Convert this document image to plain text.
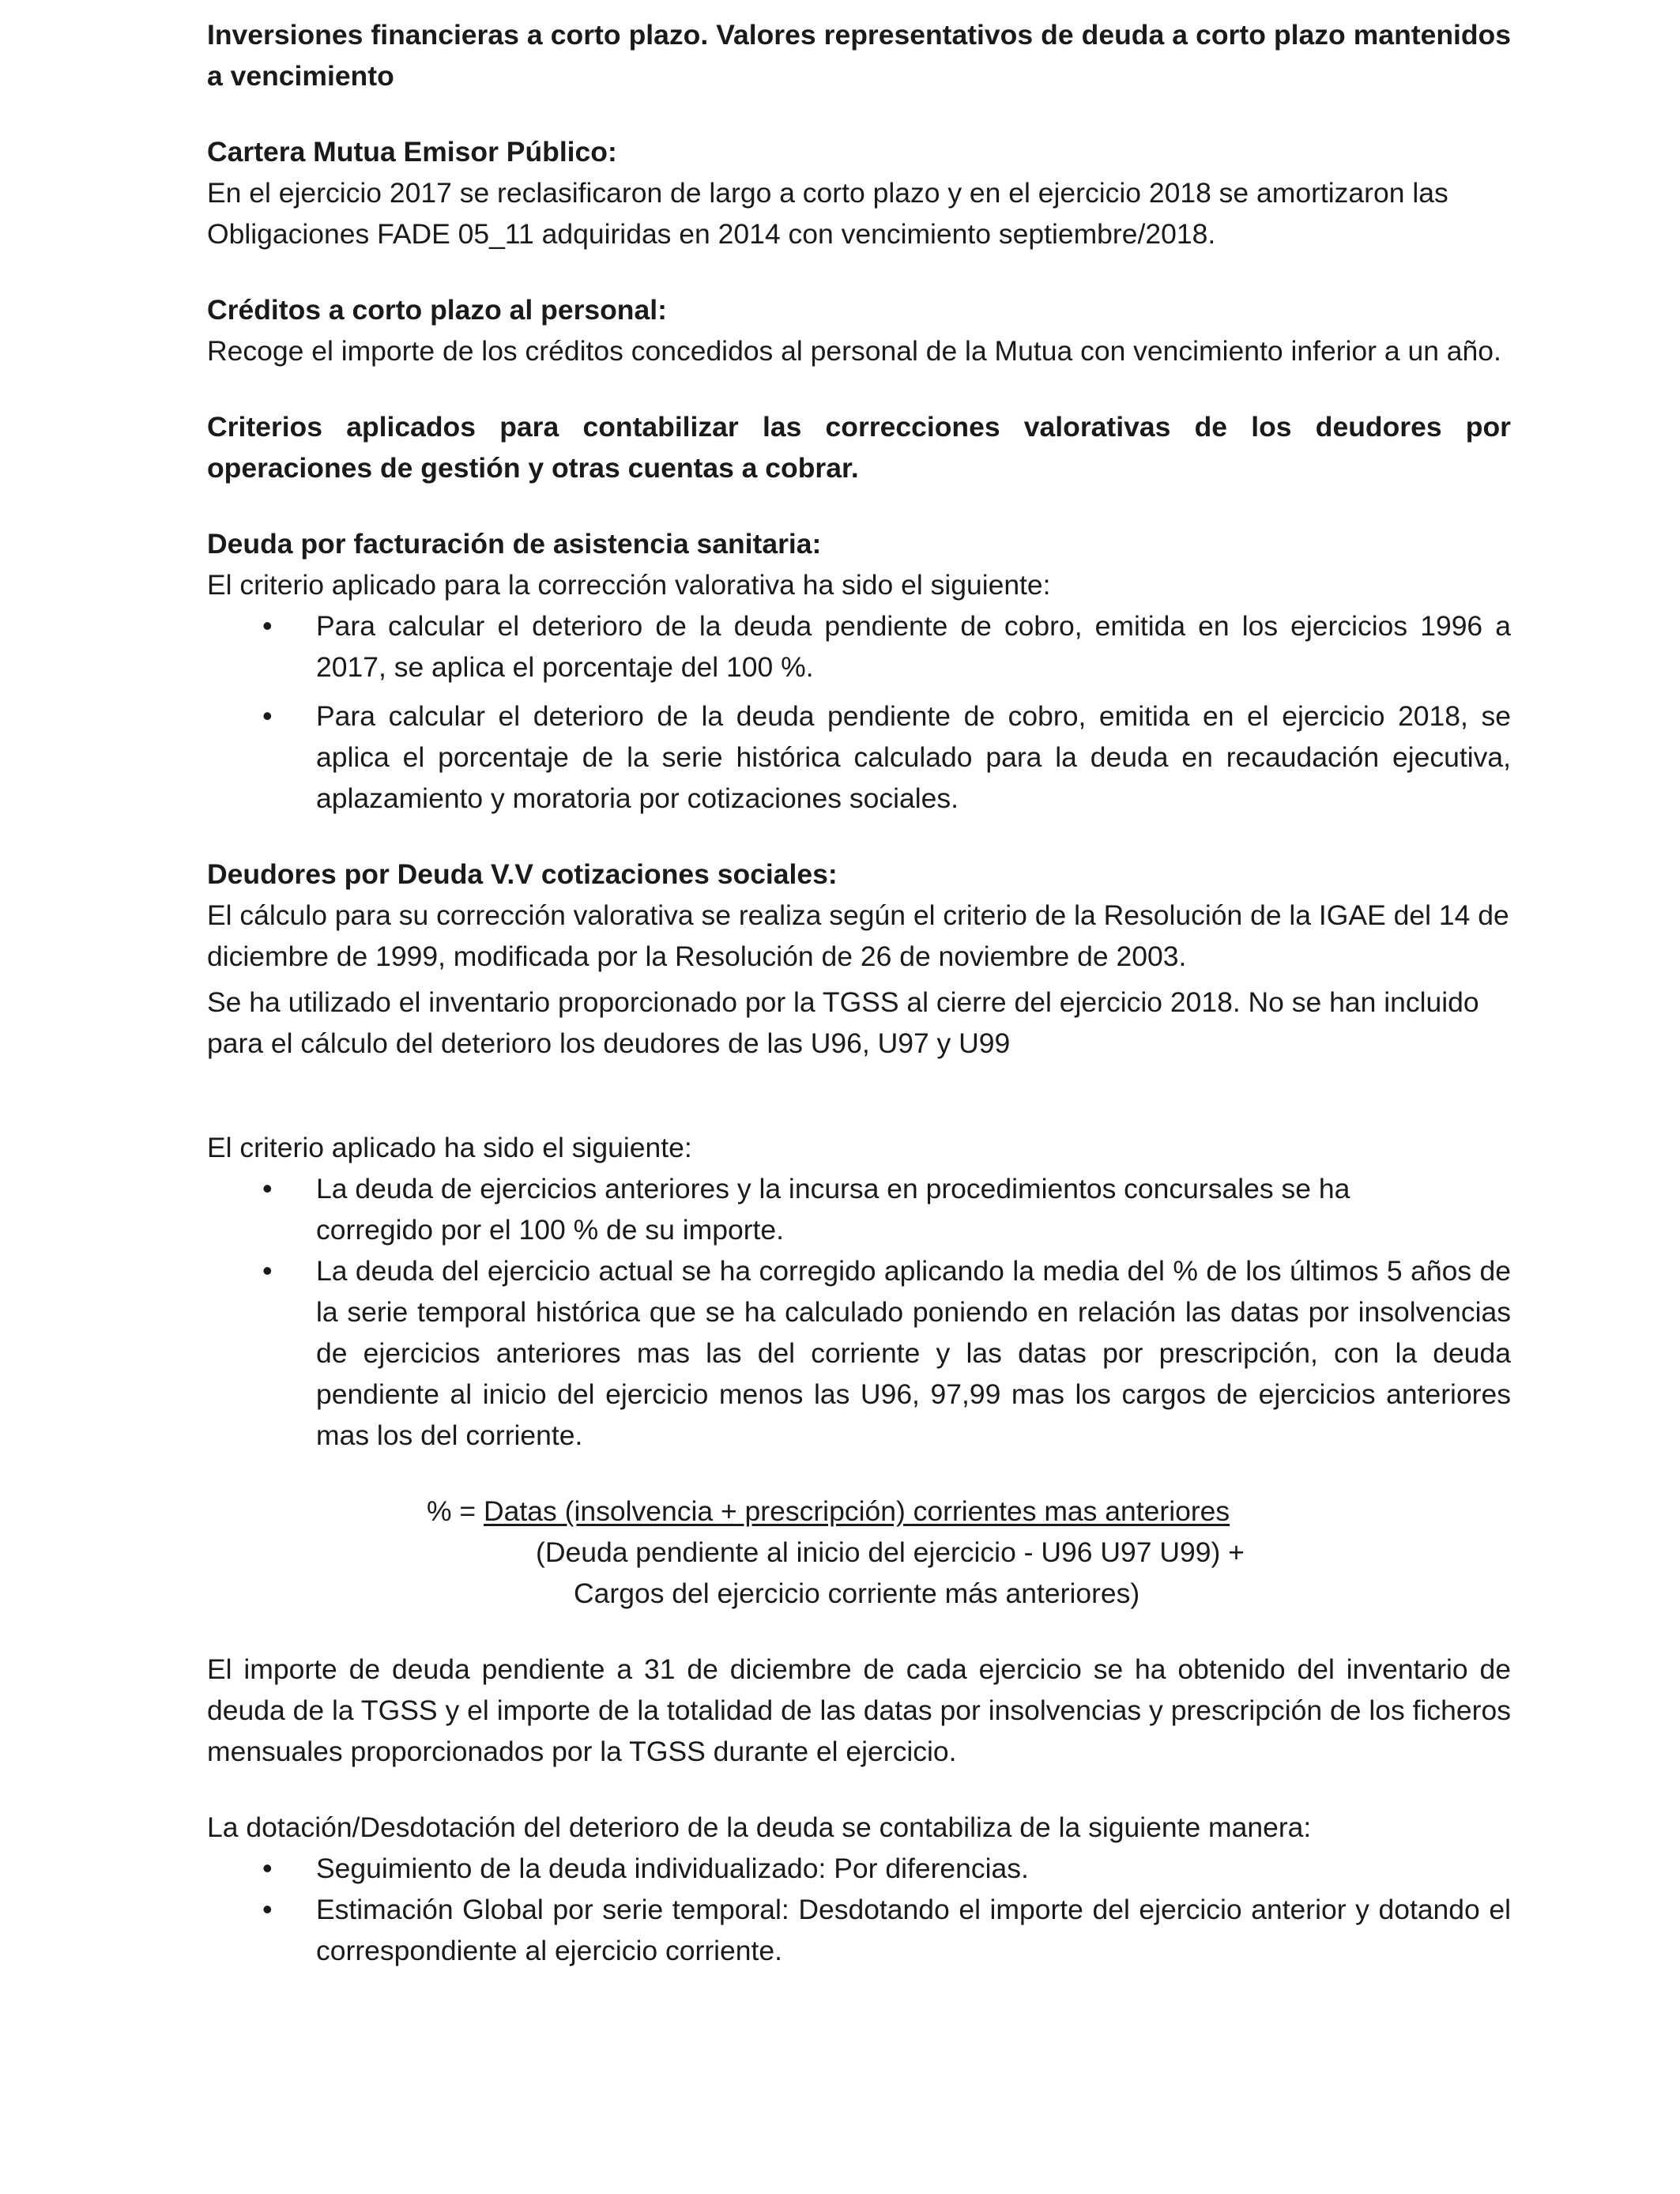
Inversiones financieras a corto plazo. Valores representativos de deuda a corto plazo mantenidos a vencimiento
Cartera Mutua Emisor Público:

En el ejercicio 2017 se reclasificaron de largo a corto plazo y en el ejercicio 2018 se amortizaron las Obligaciones FADE 05_11 adquiridas en 2014 con vencimiento septiembre/2018.

Créditos a corto plazo al personal:

Recoge el importe de los créditos concedidos al personal de la Mutua con vencimiento inferior a un año.

Criterios aplicados para contabilizar las correcciones valorativas de los deudores por operaciones de gestión y otras cuentas a cobrar.
Deuda por facturación de asistencia sanitaria:

El criterio aplicado para la corrección valorativa ha sido el siguiente:

• Para calcular el deterioro de la deuda pendiente de cobro, emitida en los ejercicios 1996 a 2017, se aplica el porcentaje del 100 %.
• Para calcular el deterioro de la deuda pendiente de cobro, emitida en el ejercicio 2018, se aplica el porcentaje de la serie histórica calculado para la deuda en recaudación ejecutiva, aplazamiento y moratoria por cotizaciones sociales.
Deudores por Deuda V.V cotizaciones sociales:

El cálculo para su corrección valorativa se realiza según el criterio de la Resolución de la IGAE del 14 de diciembre de 1999, modificada por la Resolución de 26 de noviembre de 2003.

Se ha utilizado el inventario proporcionado por la TGSS al cierre del ejercicio 2018. No se han incluido para el cálculo del deterioro los deudores de las U96, U97 y U99

El criterio aplicado ha sido el siguiente:

• La deuda de ejercicios anteriores y la incursa en procedimientos concursales se ha corregido por el 100 % de su importe.
• La deuda del ejercicio actual se ha corregido aplicando la media del % de los últimos 5 años de la serie temporal histórica que se ha calculado poniendo en relación las datas por insolvencias de ejercicios anteriores mas las del corriente y las datas por prescripción, con la deuda pendiente al inicio del ejercicio menos las U96, 97,99 mas los cargos de ejercicios anteriores mas los del corriente.
% = Datas (insolvencia + prescripción) corrientes mas anteriores
(Deuda pendiente al inicio del ejercicio - U96 U97 U99) +
Cargos del ejercicio corriente más anteriores)

El importe de deuda pendiente a 31 de diciembre de cada ejercicio se ha obtenido del inventario de deuda de la TGSS y el importe de la totalidad de las datas por insolvencias y prescripción de los ficheros mensuales proporcionados por la TGSS durante el ejercicio.

La dotación/Desdotación del deterioro de la deuda se contabiliza de la siguiente manera:

• Seguimiento de la deuda individualizado: Por diferencias.
• Estimación Global por serie temporal: Desdotando el importe del ejercicio anterior y dotando el correspondiente al ejercicio corriente.
